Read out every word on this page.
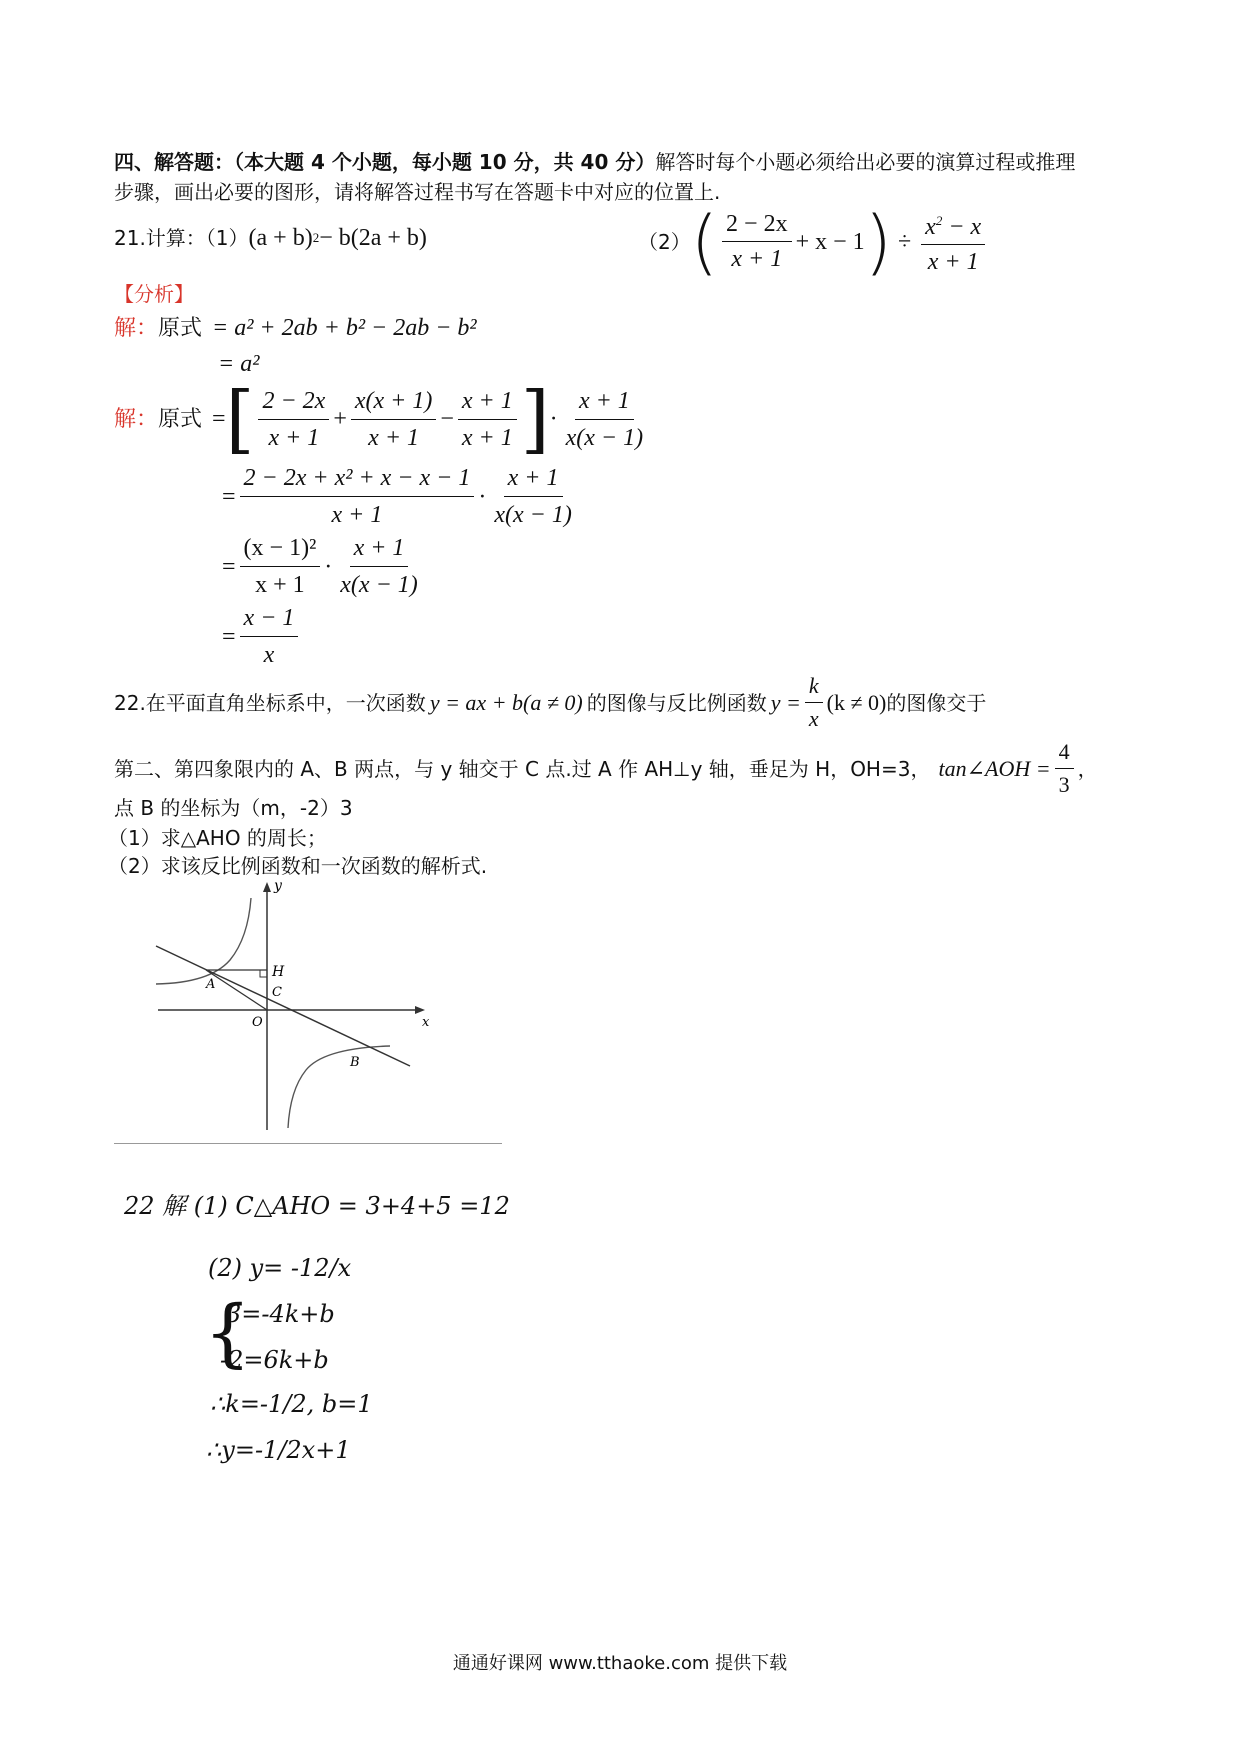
四、解答题：（本大题 4 个小题，每小题 10 分，共 40 分）解答时每个小题必须给出必要的演算过程或推理
步骤，画出必要的图形，请将解答过程书写在答题卡中对应的位置上.
21.计算：（1） (a + b) 2 − b(2a + b)	（2） ( $\frac{2 - 2x}{x + 1} + x - 1$ ) ÷ $\frac{x^2 - x}{x + 1}$
【分析】
解： 原式 = a² + 2ab + b² − 2ab − b²
= a²
解： 原式 = [ $\frac{2 - 2x}{x + 1} + \frac{x(x + 1)}{x + 1} - \frac{x + 1}{x + 1}$ ] · $\frac{x + 1}{x(x - 1)}$
= $\frac{\text{2 − 2x + x² + x − x − 1}}{x + 1} \cdot \frac{x + 1}{x(x - 1)}$
= $\frac{\text{(x − 1)²}}{x + 1} \cdot \frac{x + 1}{x(x - 1)}$
= $\frac{x - 1}{x}$
22.在平面直角坐标系中，一次函数 y = ax + b(a ≠ 0) 的图像与反比例函数 $y = \frac{k}{x} (k \ne 0)$ 的图像交于
第二、第四象限内的 A、B 两点，与 y 轴交于 C 点.过 A 作 AH⊥y 轴，垂足为 H，OH=3， tan∠AOH = $\frac{4}{3}$ ，
点 B 的坐标为（m，-2）3
（1）求△AHO 的周长；
（2）求该反比例函数和一次函数的解析式.
y
x
H
A
C
O
B
22 解 (1) C△AHO = 3+4+5 =12
(2) y= -12/x
{
3=-4k+b
-2=6k+b
∴k=-1/2, b=1
∴y=-1/2x+1
通通好课网 www.tthaoke.com 提供下载
